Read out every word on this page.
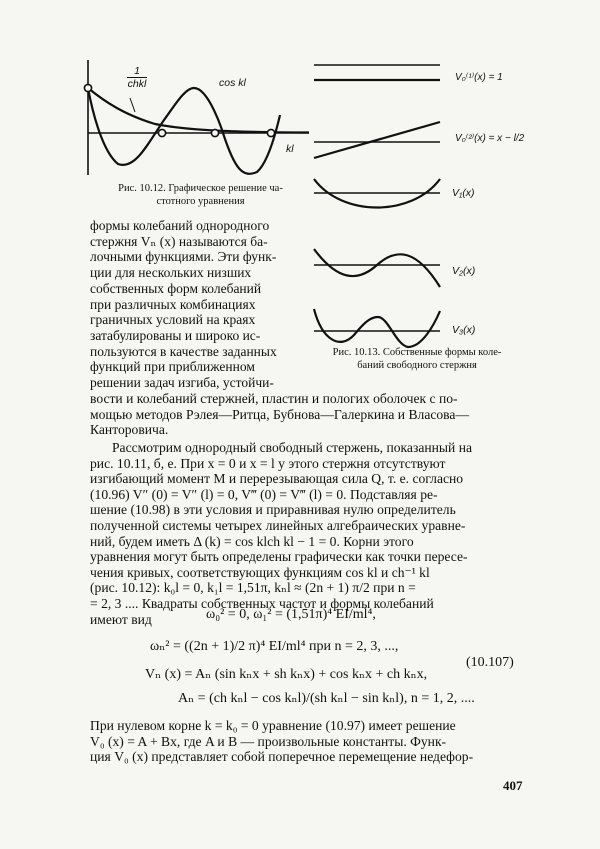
1
chkl	cos kl
kl
Рис. 10.12. Графическое решение ча-
стотного уравнения
V₀⁽¹⁾(x) = 1
V₀⁽²⁾(x) = x − l/2
V₁(x)
V₂(x)
V₃(x)
Рис. 10.13. Собственные формы коле-
баний свободного стержня
формы колебаний однородного
стержня Vₙ (x) называются ба-
лочными функциями. Эти функ-
ции для нескольких низших
собственных форм колебаний
при различных комбинациях
граничных условий на краях
затабулированы и широко ис-
пользуются в качестве заданных
функций при приближенном
решении задач изгиба, устойчи-
вости и колебаний стержней, пластин и пологих оболочек с по-
мощью методов Рэлея—Ритца, Бубнова—Галеркина и Власова—
Канторовича.
Рассмотрим однородный свободный стержень, показанный на
рис. 10.11, б, е. При x = 0 и x = l у этого стержня отсутствуют
изгибающий момент M и перерезывающая сила Q, т. е. согласно
(10.96) V″ (0) = V″ (l) = 0, V‴ (0) = V‴ (l) = 0. Подставляя ре-
шение (10.98) в эти условия и приравнивая нулю определитель
полученной системы четырех линейных алгебраических уравне-
ний, будем иметь Δ (k) = cos klch kl − 1 = 0. Корни этого
уравнения могут быть определены графически как точки пересе-
чения кривых, соответствующих функциям cos kl и ch⁻¹ kl
(рис. 10.12): k₀l = 0, k₁l = 1,51π, kₙl ≈ (2n + 1) π/2 при n =
= 2, 3 .... Квадраты собственных частот и формы колебаний
имеют вид	ω₀² = 0, ω₁² = (1,51π)⁴ EI/ml⁴,
ωₙ² = ((2n + 1)/2 π)⁴ EI/ml⁴ при n = 2, 3, ...,
Vₙ (x) = Aₙ (sin kₙx + sh kₙx) + cos kₙx + ch kₙx,
Aₙ = (ch kₙl − cos kₙl)/(sh kₙl − sin kₙl), n = 1, 2, ....
(10.107)
При нулевом корне k = k₀ = 0 уравнение (10.97) имеет решение
V₀ (x) = A + Bx, где A и B — произвольные константы. Функ-
ция V₀ (x) представляет собой поперечное перемещение недефор-
407
